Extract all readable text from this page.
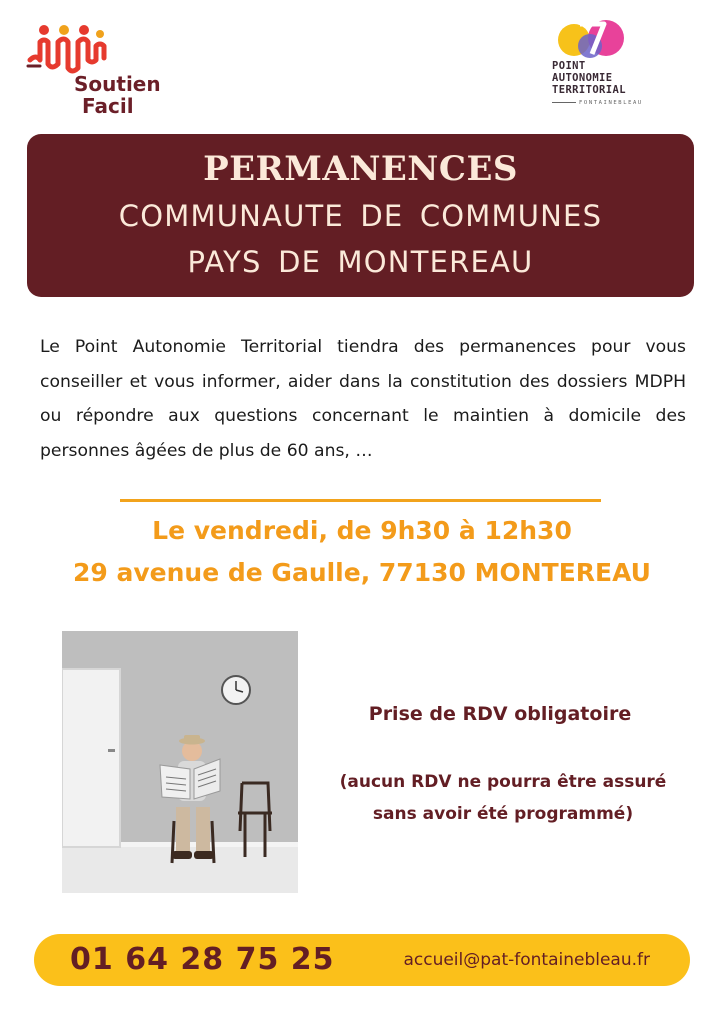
Soutien
Facil
POINT
AUTONOMIE
TERRITORIAL
FONTAINEBLEAU
PERMANENCES
COMMUNAUTE DE COMMUNES
PAYS DE MONTEREAU

Le Point Autonomie Territorial tiendra des permanences pour vous conseiller et vous informer, aider dans la constitution des dossiers MDPH ou répondre aux questions concernant le maintien à domicile des personnes âgées de plus de 60 ans, …

Le vendredi, de 9h30 à 12h30
29 avenue de Gaulle, 77130 MONTEREAU
Prise de RDV obligatoire
(aucun RDV ne pourra être assuré
sans avoir été programmé)
01 64 28 75 25	accueil@pat-fontainebleau.fr
